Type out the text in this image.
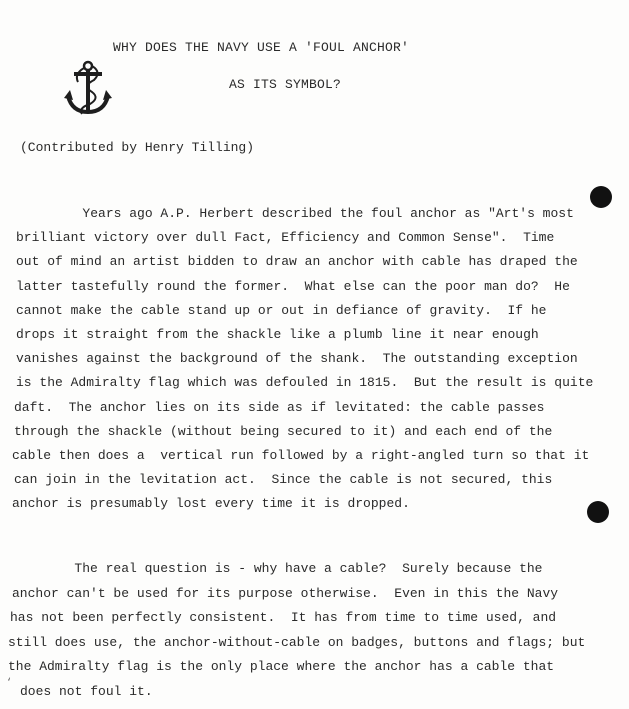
WHY DOES THE NAVY USE A 'FOUL ANCHOR'
AS ITS SYMBOL?
(Contributed by Henry Tilling)
Years ago A.P. Herbert described the foul anchor as "Art's most
brilliant victory over dull Fact, Efficiency and Common Sense".  Time
out of mind an artist bidden to draw an anchor with cable has draped the
latter tastefully round the former.  What else can the poor man do?  He
cannot make the cable stand up or out in defiance of gravity.  If he
drops it straight from the shackle like a plumb line it near enough
vanishes against the background of the shank.  The outstanding exception
is the Admiralty flag which was defouled in 1815.  But the result is quite
daft.  The anchor lies on its side as if levitated: the cable passes
through the shackle (without being secured to it) and each end of the
cable then does a  vertical run followed by a right-angled turn so that it
can join in the levitation act.  Since the cable is not secured, this
anchor is presumably lost every time it is dropped.
The real question is - why have a cable?  Surely because the
anchor can't be used for its purpose otherwise.  Even in this the Navy
has not been perfectly consistent.  It has from time to time used, and
still does use, the anchor-without-cable on badges, buttons and flags; but
the Admiralty flag is the only place where the anchor has a cable that
does not foul it.
‘
